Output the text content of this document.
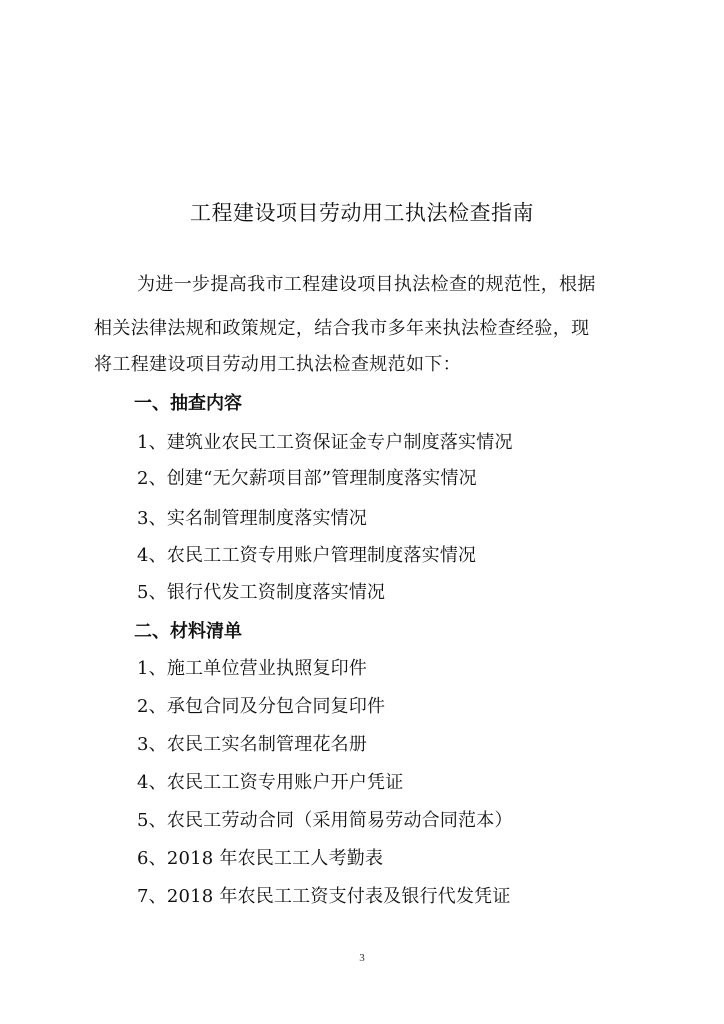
工程建设项目劳动用工执法检查指南
为进一步提高我市工程建设项目执法检查的规范性，根据
相关法律法规和政策规定，结合我市多年来执法检查经验，现
将工程建设项目劳动用工执法检查规范如下：
一、抽查内容
1、建筑业农民工工资保证金专户制度落实情况
2、创建“无欠薪项目部”管理制度落实情况
3、实名制管理制度落实情况
4、农民工工资专用账户管理制度落实情况
5、银行代发工资制度落实情况
二、材料清单
1、施工单位营业执照复印件
2、承包合同及分包合同复印件
3、农民工实名制管理花名册
4、农民工工资专用账户开户凭证
5、农民工劳动合同（采用简易劳动合同范本）
6、2018 年农民工工人考勤表
7、2018 年农民工工资支付表及银行代发凭证
3
